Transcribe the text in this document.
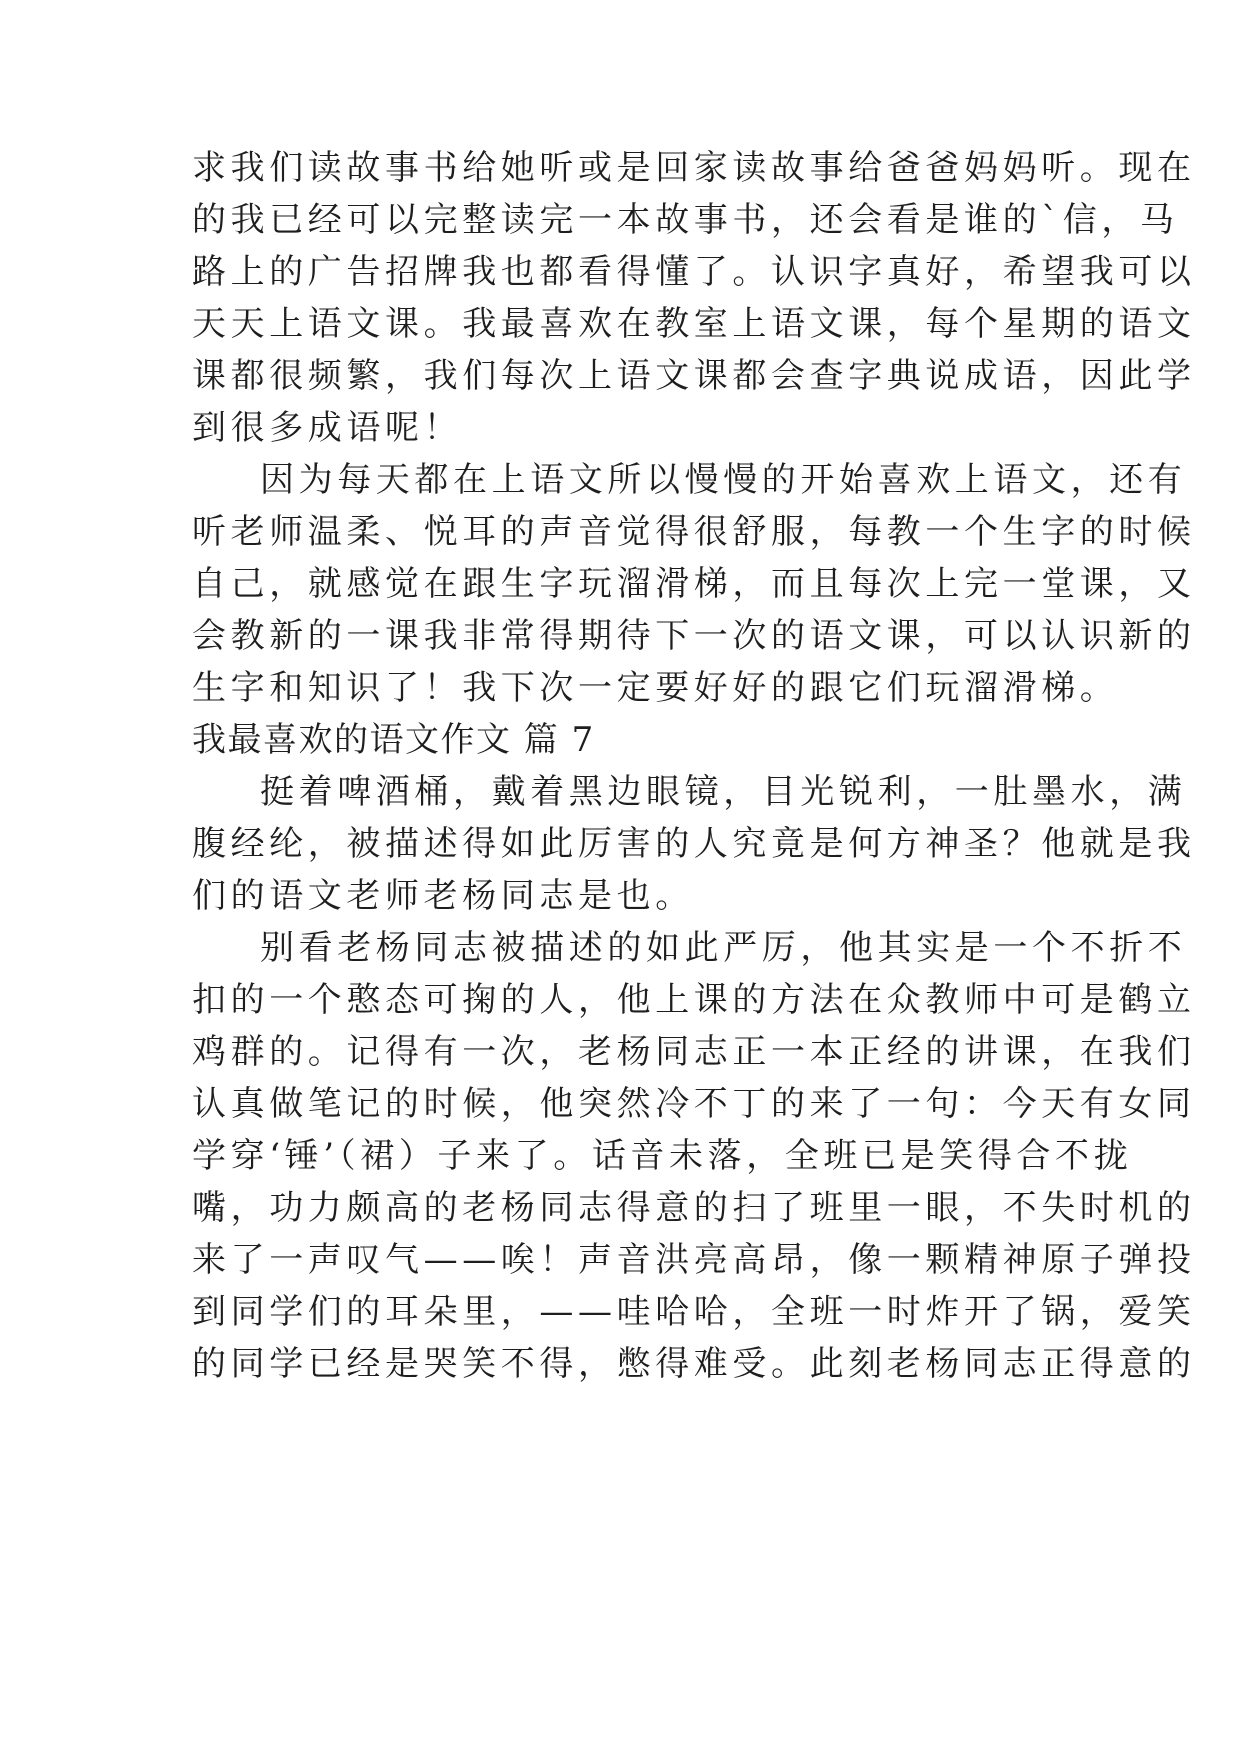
求我们读故事书给她听或是回家读故事给爸爸妈妈听。现在
的我已经可以完整读完一本故事书，还会看是谁的`信，马
路上的广告招牌我也都看得懂了。认识字真好，希望我可以
天天上语文课。我最喜欢在教室上语文课，每个星期的语文
课都很频繁，我们每次上语文课都会查字典说成语，因此学
到很多成语呢！
因为每天都在上语文所以慢慢的开始喜欢上语文，还有
听老师温柔、悦耳的声音觉得很舒服，每教一个生字的时候
自己，就感觉在跟生字玩溜滑梯，而且每次上完一堂课，又
会教新的一课我非常得期待下一次的语文课，可以认识新的
生字和知识了！我下次一定要好好的跟它们玩溜滑梯。
我最喜欢的语文作文 篇 7
挺着啤酒桶，戴着黑边眼镜，目光锐利，一肚墨水，满
腹经纶，被描述得如此厉害的人究竟是何方神圣？他就是我
们的语文老师老杨同志是也。
别看老杨同志被描述的如此严厉，他其实是一个不折不
扣的一个憨态可掬的人，他上课的方法在众教师中可是鹤立
鸡群的。记得有一次，老杨同志正一本正经的讲课，在我们
认真做笔记的时候，他突然冷不丁的来了一句：今天有女同
学穿‘锤’（裙）子来了。话音未落，全班已是笑得合不拢
嘴，功力颇高的老杨同志得意的扫了班里一眼，不失时机的
来了一声叹气——唉！声音洪亮高昂，像一颗精神原子弹投
到同学们的耳朵里，——哇哈哈，全班一时炸开了锅，爱笑
的同学已经是哭笑不得，憋得难受。此刻老杨同志正得意的
